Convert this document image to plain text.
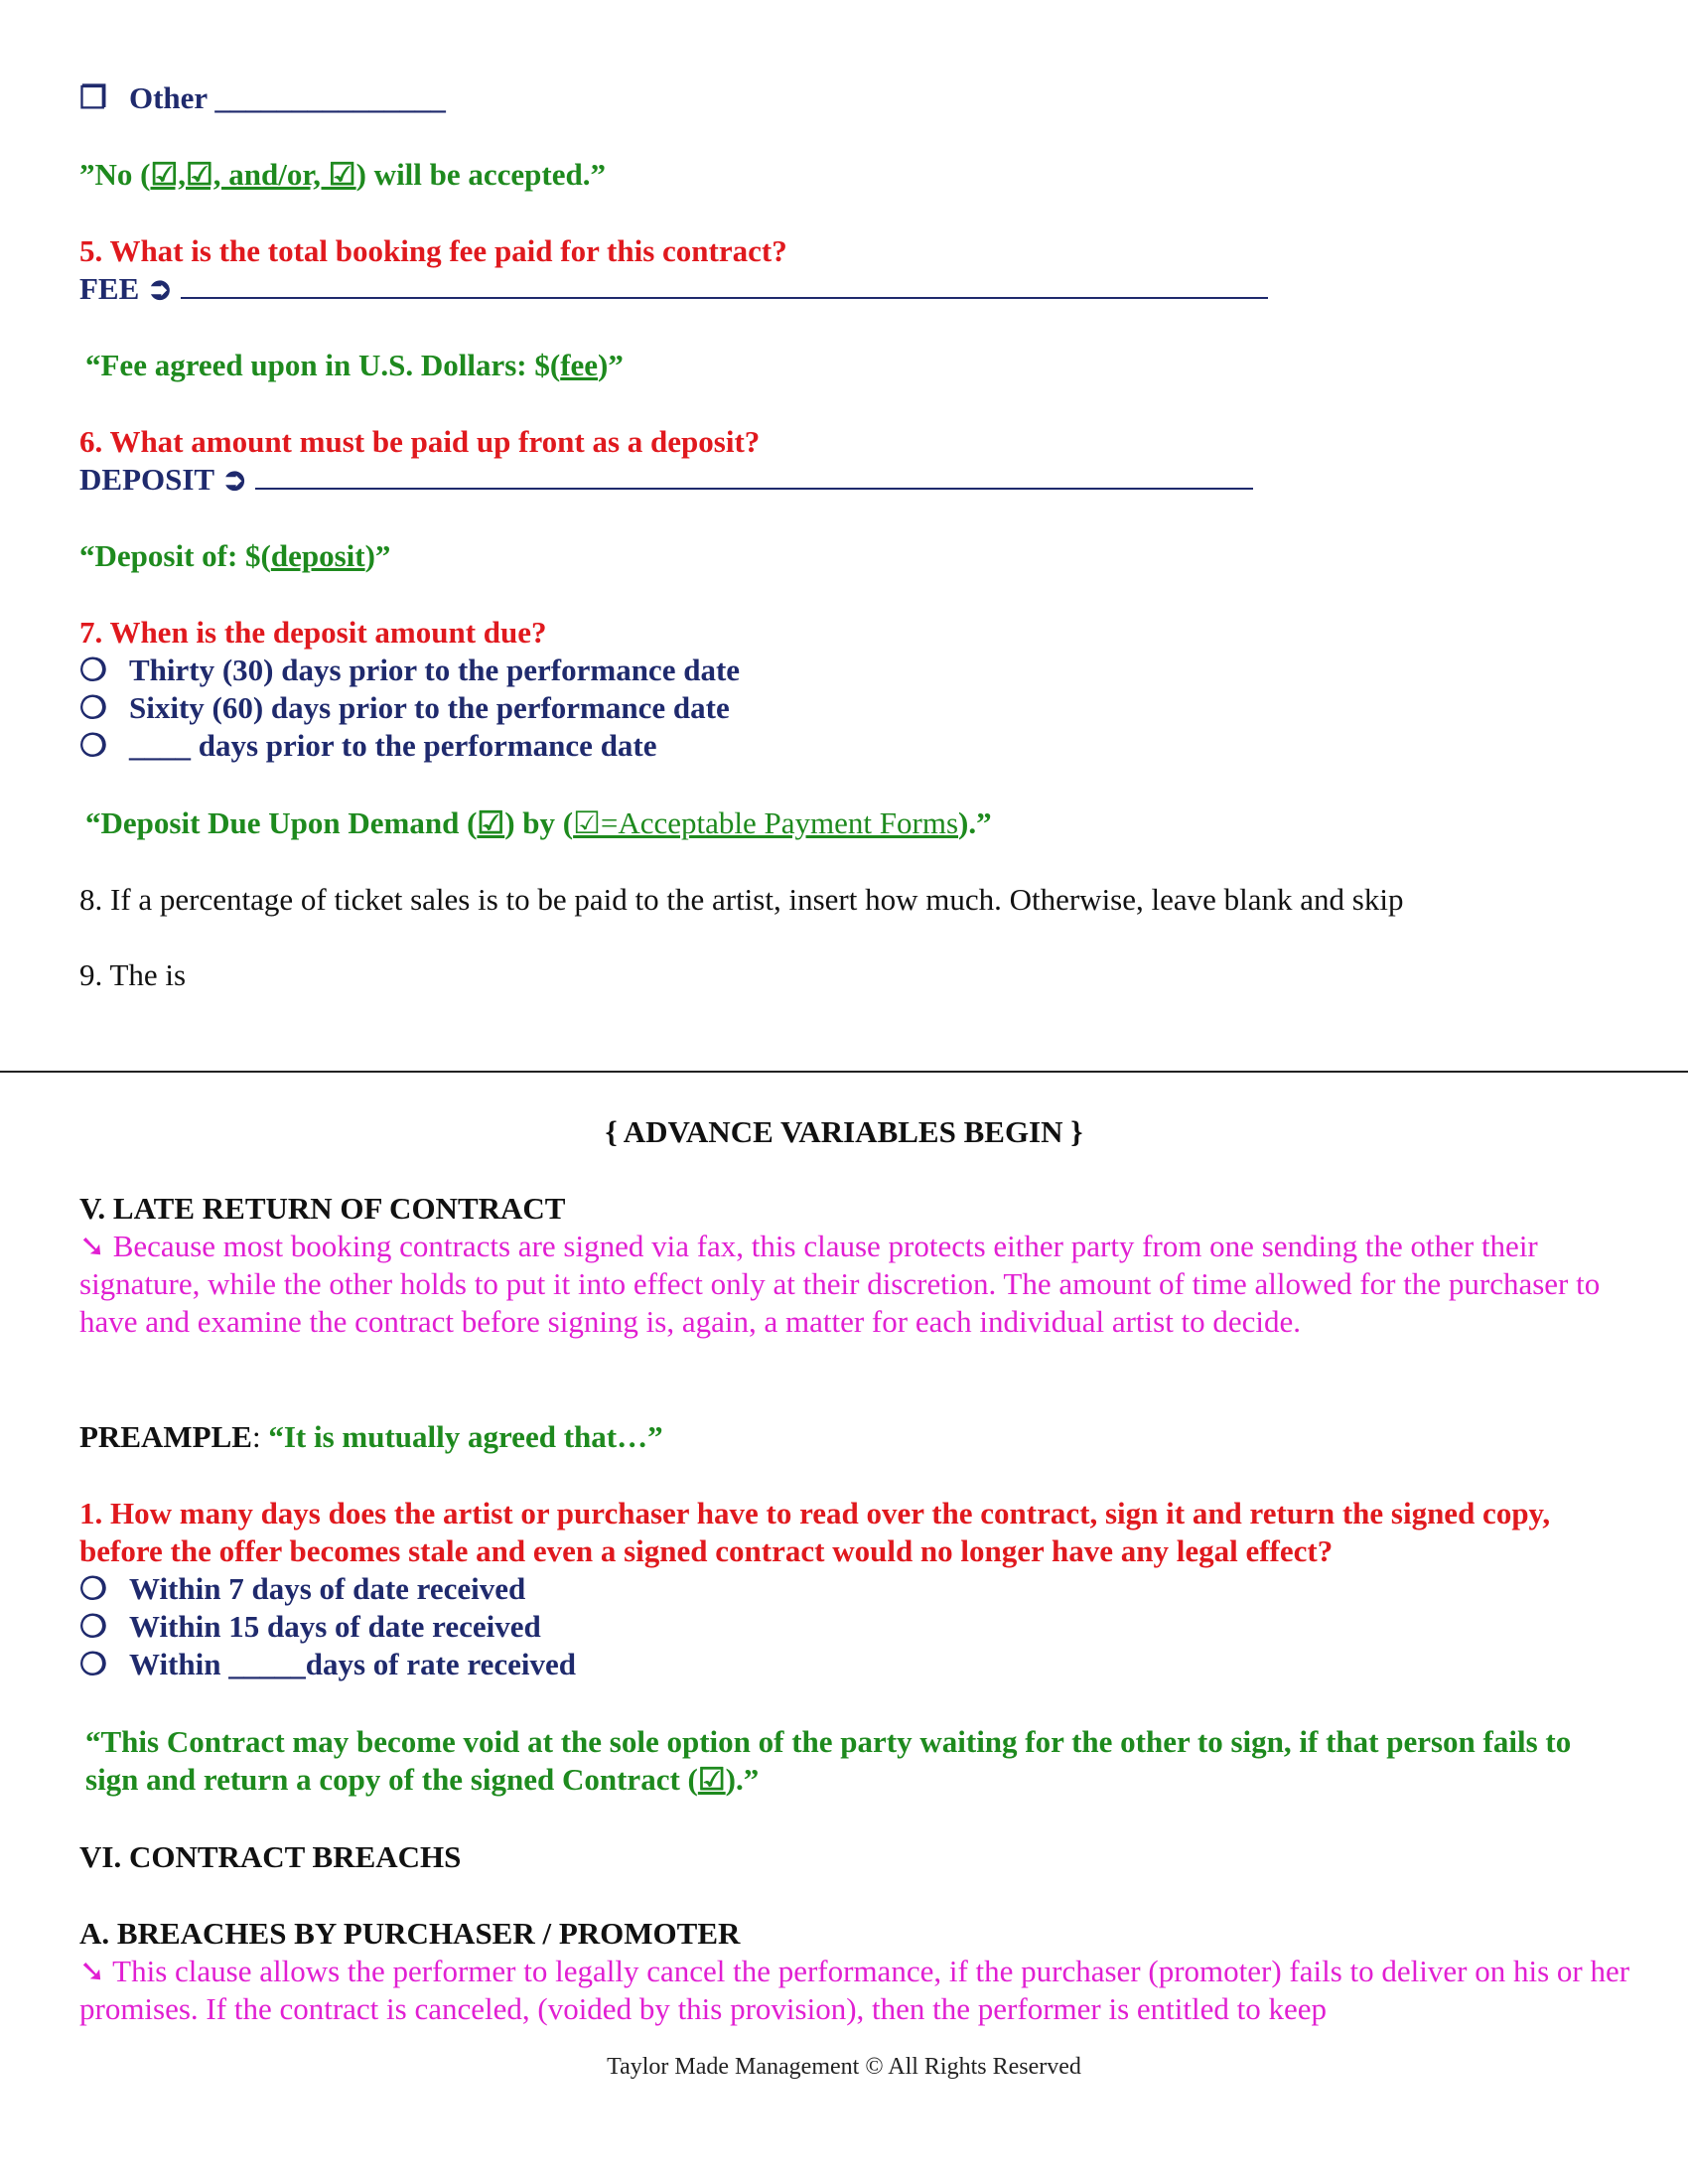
❐ Other _______________
”No (☑,☑, and/or, ☑) will be accepted.”
5. What is the total booking fee paid for this contract?
FEE ➲
“Fee agreed upon in U.S. Dollars: $(fee)”
6. What amount must be paid up front as a deposit?
DEPOSIT ➲
“Deposit of: $(deposit)”
7. When is the deposit amount due?
❍ Thirty (30) days prior to the performance date
❍ Sixity (60) days prior to the performance date
❍ ____ days prior to the performance date
“Deposit Due Upon Demand (☑) by (☑=Acceptable Payment Forms).”
8. If a percentage of ticket sales is to be paid to the artist, insert how much. Otherwise, leave blank and skip
9. The is
{ ADVANCE VARIABLES BEGIN }
V. LATE RETURN OF CONTRACT
➘ Because most booking contracts are signed via fax, this clause protects either party from one sending the other their signature, while the other holds to put it into effect only at their discretion. The amount of time allowed for the purchaser to have and examine the contract before signing is, again, a matter for each individual artist to decide.
PREAMPLE: “It is mutually agreed that…”
1. How many days does the artist or purchaser have to read over the contract, sign it and return the signed copy, before the offer becomes stale and even a signed contract would no longer have any legal effect?
❍ Within 7 days of date received
❍ Within 15 days of date received
❍ Within _____days of rate received
“This Contract may become void at the sole option of the party waiting for the other to sign, if that person fails to sign and return a copy of the signed Contract (☑).”
VI. CONTRACT BREACHS
A. BREACHES BY PURCHASER / PROMOTER
➘ This clause allows the performer to legally cancel the performance, if the purchaser (promoter) fails to deliver on his or her promises. If the contract is canceled, (voided by this provision), then the performer is entitled to keep
Taylor Made Management © All Rights Reserved
